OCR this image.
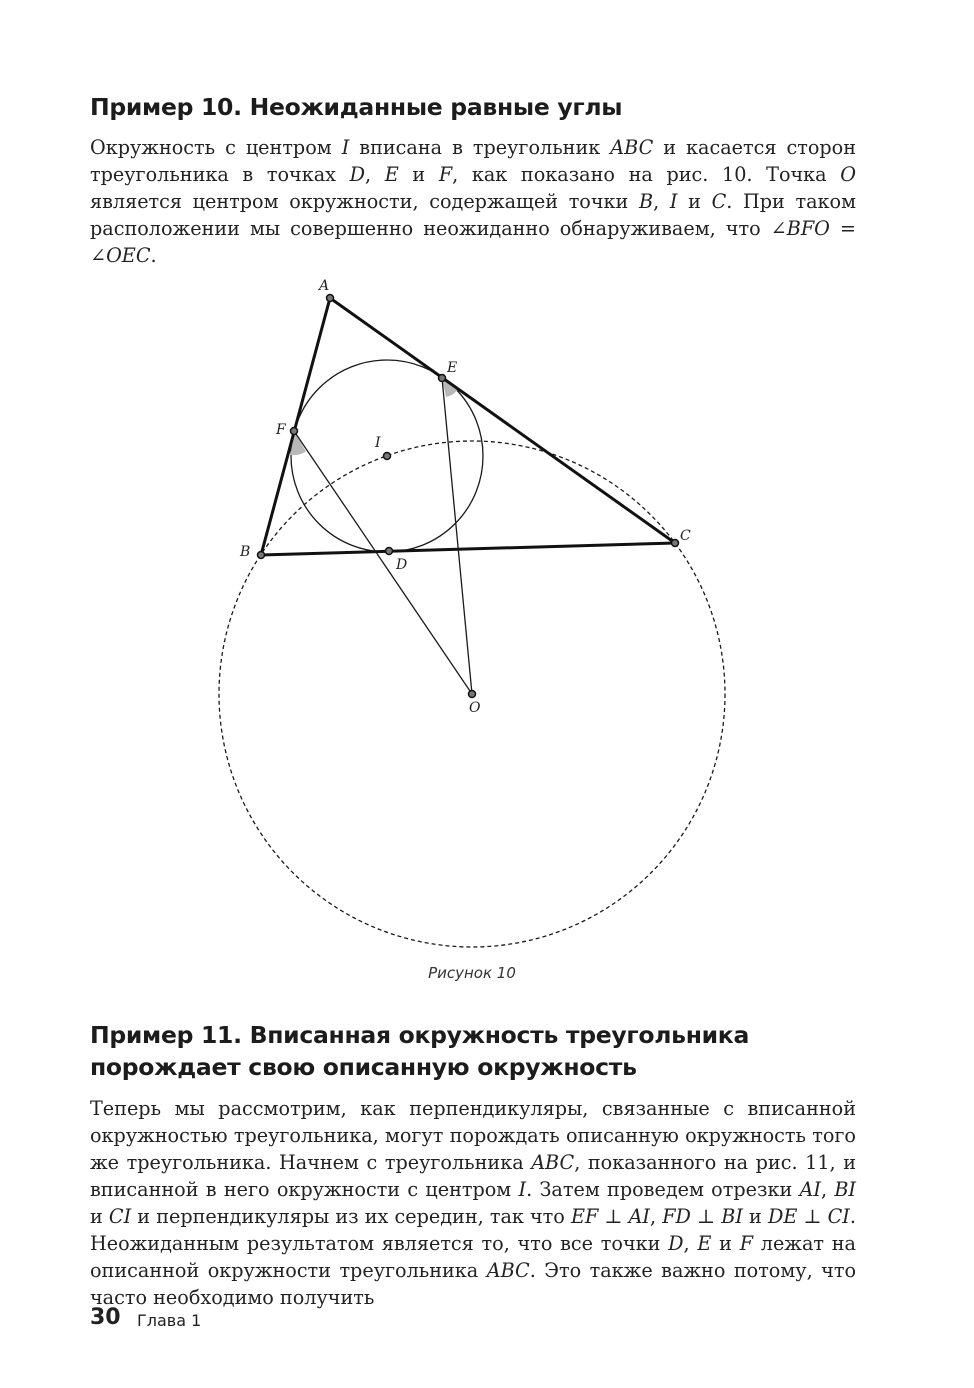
Пример 10. Неожиданные равные углы

Окружность с центром I вписана в треугольник ABC и касается сторон треугольника в точках D, E и F, как показано на рис. 10. Точка O является центром окружности, содержащей точки B, I и C. При таком расположении мы совершенно неожиданно обнаруживаем, что ∠BFO = ∠OEC.

A
B
C
D
E
F
I
O
Рисунок 10
Пример 11. Вписанная окружность треугольника порождает свою описанную окружность

Теперь мы рассмотрим, как перпендикуляры, связанные с вписанной окружностью треугольника, могут порождать описанную окружность того же треугольника. Начнем с треугольника ABC, показанного на рис. 11, и вписанной в него окружности с центром I. Затем проведем отрезки AI, BI и CI и перпендикуляры из их середин, так что EF ⊥ AI, FD ⊥ BI и DE ⊥ CI. Неожиданным результатом является то, что все точки D, E и F лежат на описанной окружности треугольника ABC. Это также важно потому, что часто необходимо получить

30 Глава 1
